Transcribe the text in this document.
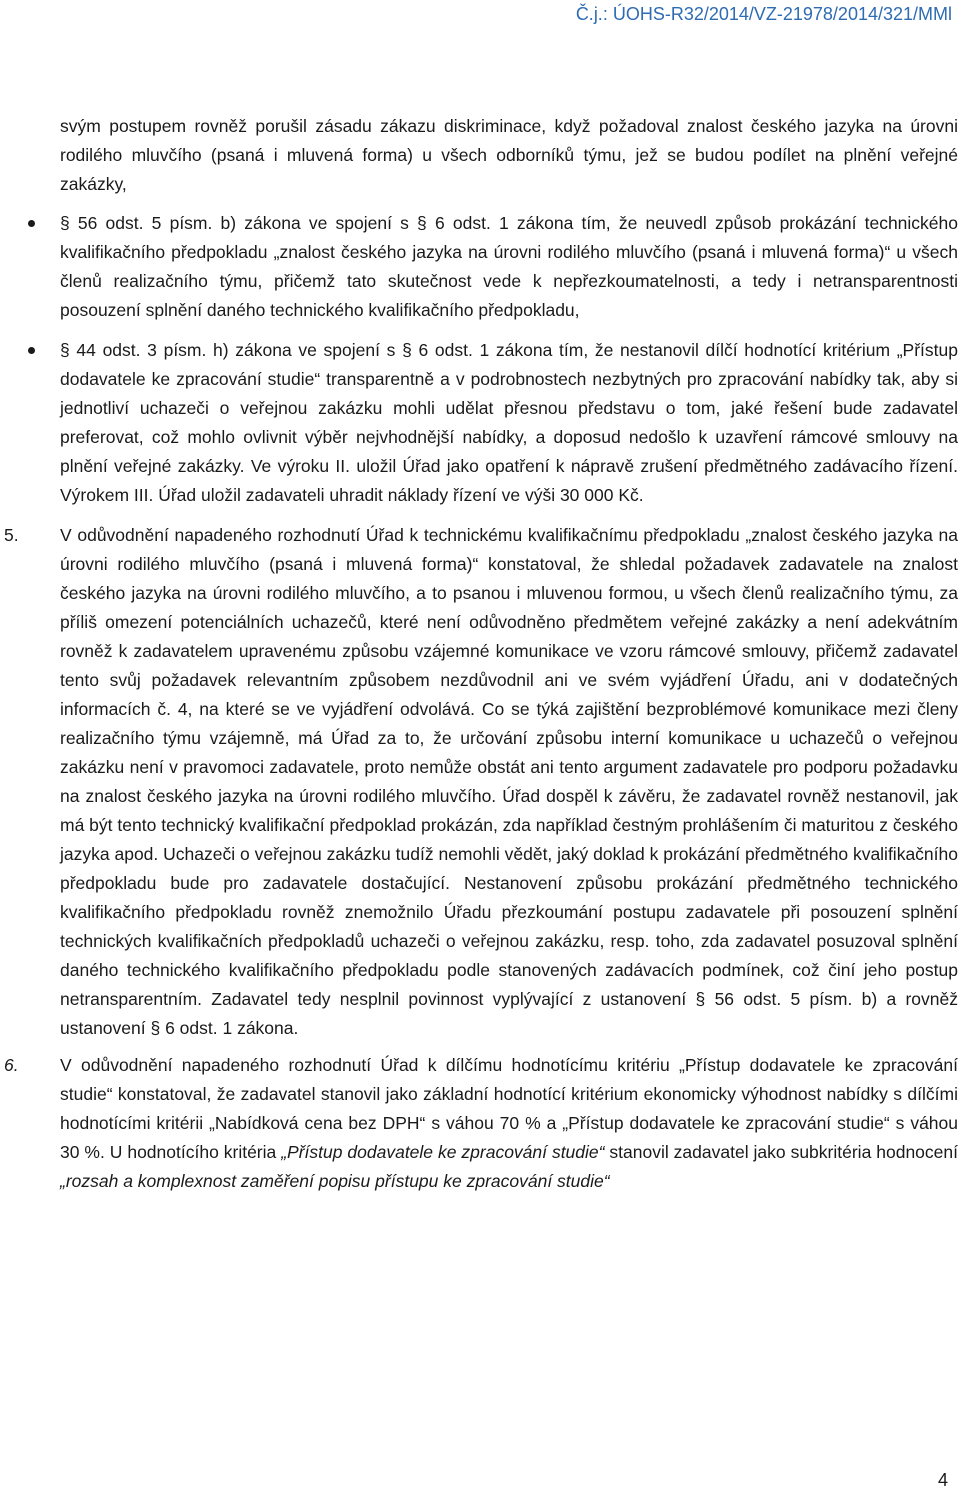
Č.j.: ÚOHS-R32/2014/VZ-21978/2014/321/MMl

svým postupem rovněž porušil zásadu zákazu diskriminace, když požadoval znalost českého jazyka na úrovni rodilého mluvčího (psaná i mluvená forma) u všech odborníků týmu, jež se budou podílet na plnění veřejné zakázky,

§ 56 odst. 5 písm. b) zákona ve spojení s § 6 odst. 1 zákona tím, že neuvedl způsob prokázání technického kvalifikačního předpokladu „znalost českého jazyka na úrovni rodilého mluvčího (psaná i mluvená forma)“ u všech členů realizačního týmu, přičemž tato skutečnost vede k nepřezkoumatelnosti, a tedy i netransparentnosti posouzení splnění daného technického kvalifikačního předpokladu,

§ 44 odst. 3 písm. h) zákona ve spojení s § 6 odst. 1 zákona tím, že nestanovil dílčí hodnotící kritérium „Přístup dodavatele ke zpracování studie“ transparentně a v podrobnostech nezbytných pro zpracování nabídky tak, aby si jednotliví uchazeči o veřejnou zakázku mohli udělat přesnou představu o tom, jaké řešení bude zadavatel preferovat, což mohlo ovlivnit výběr nejvhodnější nabídky, a doposud nedošlo k uzavření rámcové smlouvy na plnění veřejné zakázky. Ve výroku II. uložil Úřad jako opatření k nápravě zrušení předmětného zadávacího řízení. Výrokem III. Úřad uložil zadavateli uhradit náklady řízení ve výši 30 000 Kč.

5. V odůvodnění napadeného rozhodnutí Úřad k technickému kvalifikačnímu předpokladu „znalost českého jazyka na úrovni rodilého mluvčího (psaná i mluvená forma)“ konstatoval, že shledal požadavek zadavatele na znalost českého jazyka na úrovni rodilého mluvčího, a to psanou i mluvenou formou, u všech členů realizačního týmu, za příliš omezení potenciálních uchazečů, které není odůvodněno předmětem veřejné zakázky a není adekvátním rovněž k zadavatelem upravenému způsobu vzájemné komunikace ve vzoru rámcové smlouvy, přičemž zadavatel tento svůj požadavek relevantním způsobem nezdůvodnil ani ve svém vyjádření Úřadu, ani v dodatečných informacích č. 4, na které se ve vyjádření odvolává. Co se týká zajištění bezproblémové komunikace mezi členy realizačního týmu vzájemně, má Úřad za to, že určování způsobu interní komunikace u uchazečů o veřejnou zakázku není v pravomoci zadavatele, proto nemůže obstát ani tento argument zadavatele pro podporu požadavku na znalost českého jazyka na úrovni rodilého mluvčího. Úřad dospěl k závěru, že zadavatel rovněž nestanovil, jak má být tento technický kvalifikační předpoklad prokázán, zda například čestným prohlášením či maturitou z českého jazyka apod. Uchazeči o veřejnou zakázku tudíž nemohli vědět, jaký doklad k prokázání předmětného kvalifikačního předpokladu bude pro zadavatele dostačující. Nestanovení způsobu prokázání předmětného technického kvalifikačního předpokladu rovněž znemožnilo Úřadu přezkoumání postupu zadavatele při posouzení splnění technických kvalifikačních předpokladů uchazeči o veřejnou zakázku, resp. toho, zda zadavatel posuzoval splnění daného technického kvalifikačního předpokladu podle stanovených zadávacích podmínek, což činí jeho postup netransparentním. Zadavatel tedy nesplnil povinnost vyplývající z ustanovení § 56 odst. 5 písm. b) a rovněž ustanovení § 6 odst. 1 zákona.

6. V odůvodnění napadeného rozhodnutí Úřad k dílčímu hodnotícímu kritériu „Přístup dodavatele ke zpracování studie“ konstatoval, že zadavatel stanovil jako základní hodnotící kritérium ekonomicky výhodnost nabídky s dílčími hodnotícími kritérii „Nabídková cena bez DPH“ s váhou 70 % a „Přístup dodavatele ke zpracování studie“ s váhou 30 %. U hodnotícího kritéria „Přístup dodavatele ke zpracování studie“ stanovil zadavatel jako subkritéria hodnocení „rozsah a komplexnost zaměření popisu přístupu ke zpracování studie“

4
